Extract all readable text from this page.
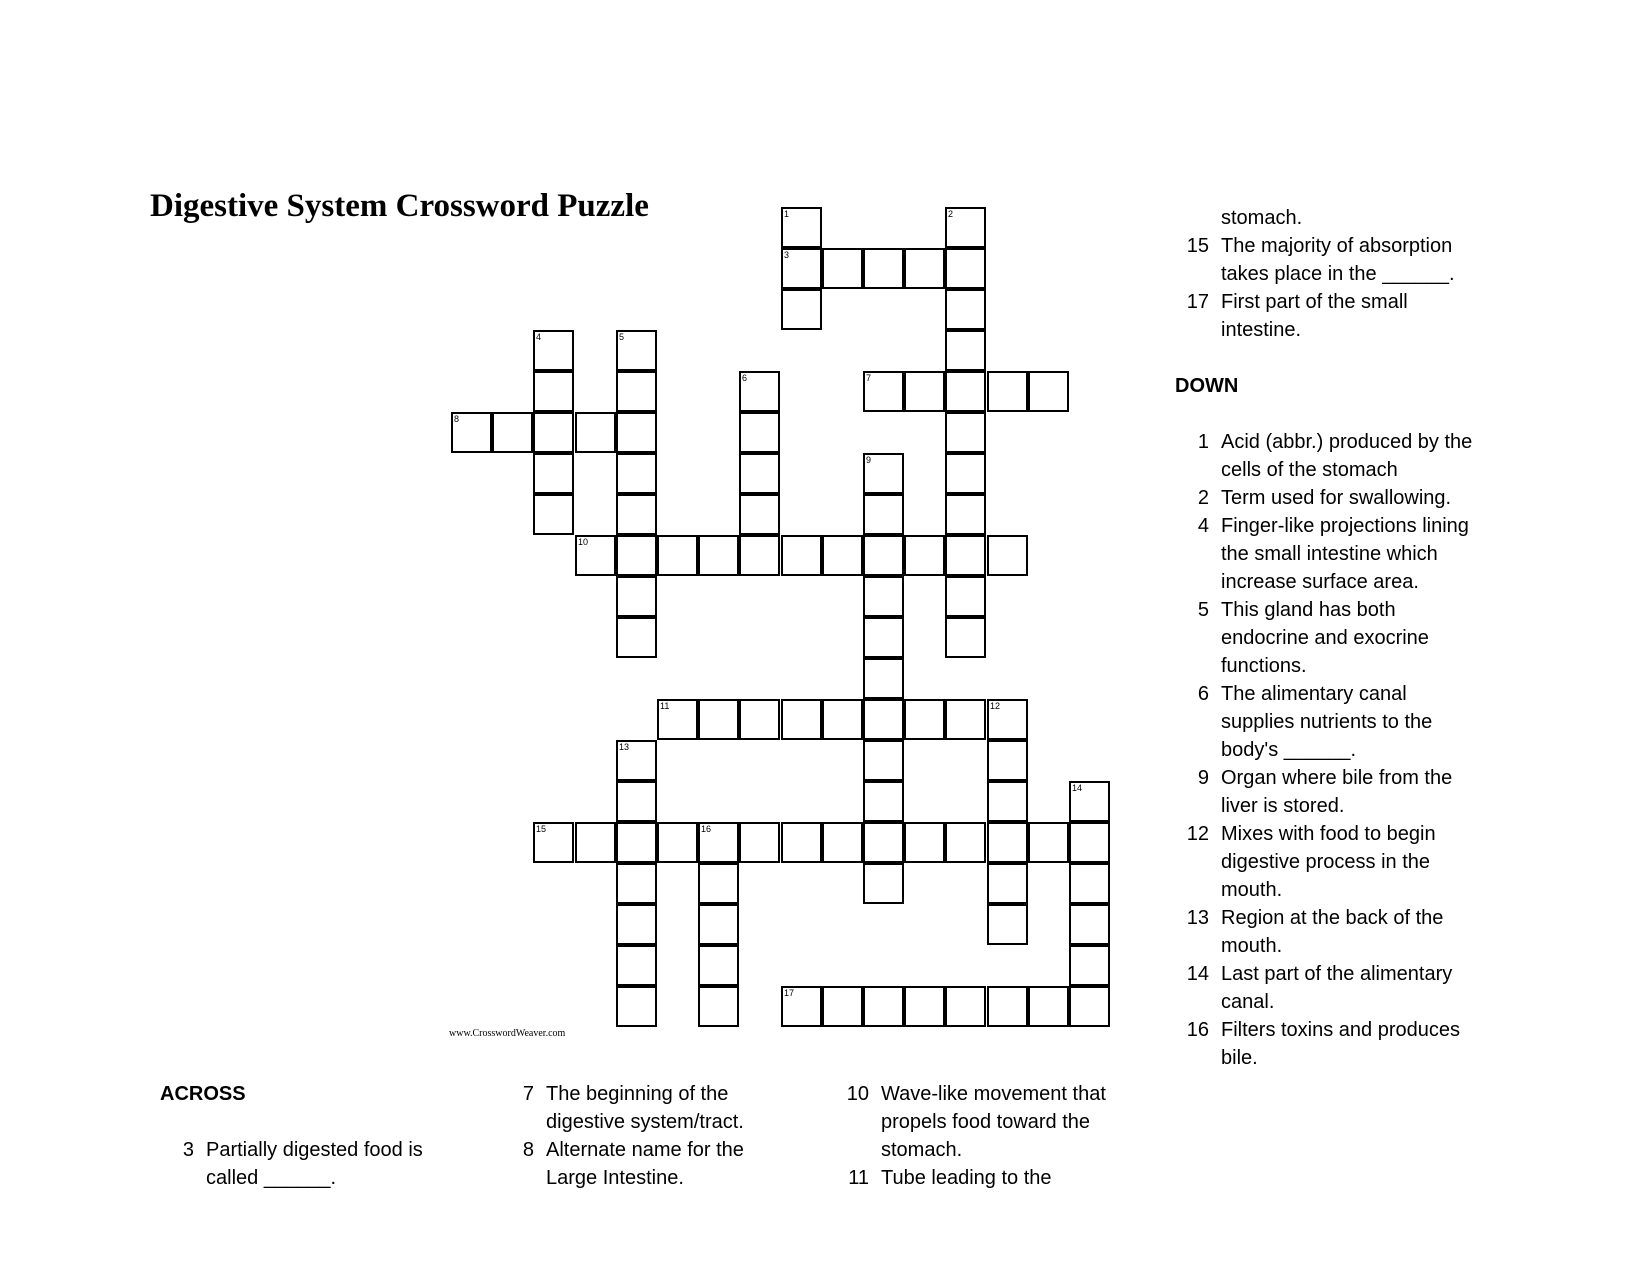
Digestive System Crossword Puzzle	1
3
2
4	5
6	7
8
9
10
11	12
13
14
15	16
17
www.CrosswordWeaver.com
ACROSS
3 Partially digested food is called ______.
7 The beginning of the digestive system/tract.
8 Alternate name for the Large Intestine.
10 Wave-like movement that propels food toward the stomach.
11 Tube leading to the
stomach.
15 The majority of absorption takes place in the ______.
17 First part of the small intestine.
DOWN
1 Acid (abbr.) produced by the cells of the stomach
2 Term used for swallowing.
4 Finger-like projections lining the small intestine which increase surface area.
5 This gland has both endocrine and exocrine functions.
6 The alimentary canal supplies nutrients to the body's ______.
9 Organ where bile from the liver is stored.
12 Mixes with food to begin digestive process in the mouth.
13 Region at the back of the mouth.
14 Last part of the alimentary canal.
16 Filters toxins and produces bile.
